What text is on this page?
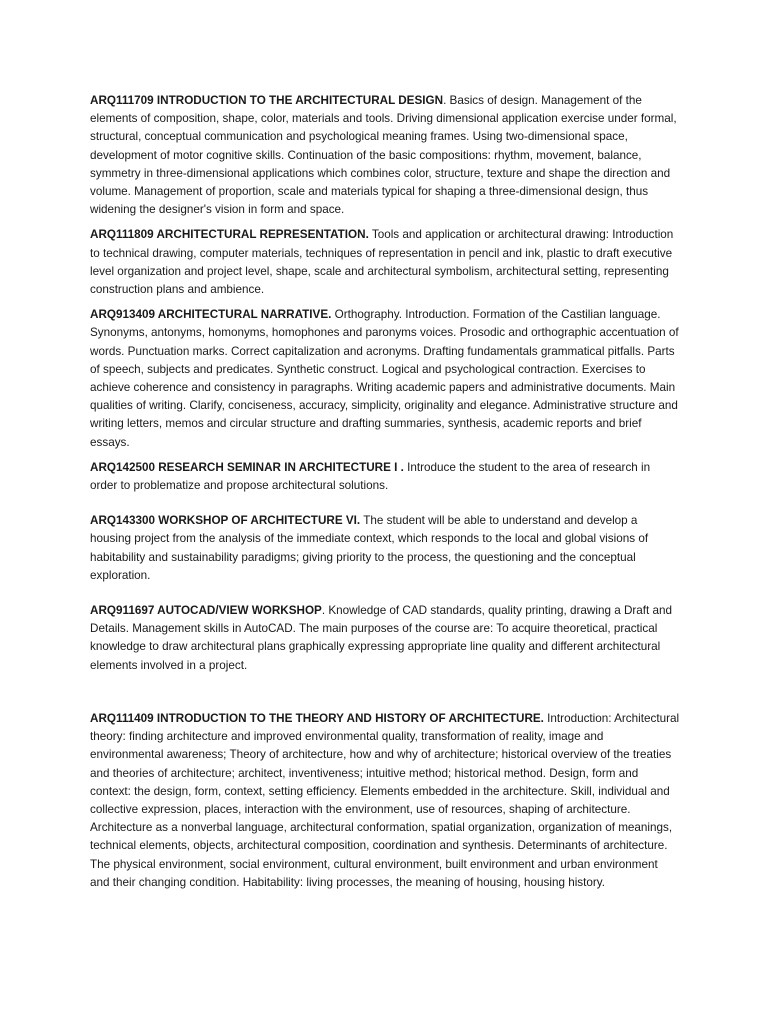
ARQ111709 INTRODUCTION TO THE ARCHITECTURAL DESIGN. Basics of design. Management of the elements of composition, shape, color, materials and tools. Driving dimensional application exercise under formal, structural, conceptual communication and psychological meaning frames. Using two-dimensional space, development of motor cognitive skills. Continuation of the basic compositions: rhythm, movement, balance, symmetry in three-dimensional applications which combines color, structure, texture and shape the direction and volume. Management of proportion, scale and materials typical for shaping a three-dimensional design, thus widening the designer's vision in form and space.

ARQ111809 ARCHITECTURAL REPRESENTATION. Tools and application or architectural drawing: Introduction to technical drawing, computer materials, techniques of representation in pencil and ink, plastic to draft executive level organization and project level, shape, scale and architectural symbolism, architectural setting, representing construction plans and ambience.

ARQ913409 ARCHITECTURAL NARRATIVE. Orthography. Introduction. Formation of the Castilian language. Synonyms, antonyms, homonyms, homophones and paronyms voices. Prosodic and orthographic accentuation of words. Punctuation marks. Correct capitalization and acronyms. Drafting fundamentals grammatical pitfalls. Parts of speech, subjects and predicates. Synthetic construct. Logical and psychological contraction. Exercises to achieve coherence and consistency in paragraphs. Writing academic papers and administrative documents. Main qualities of writing. Clarify, conciseness, accuracy, simplicity, originality and elegance. Administrative structure and writing letters, memos and circular structure and drafting summaries, synthesis, academic reports and brief essays.

ARQ142500 RESEARCH SEMINAR IN ARCHITECTURE I . Introduce the student to the area of research in order to problematize and propose architectural solutions.

ARQ143300 WORKSHOP OF ARCHITECTURE VI. The student will be able to understand and develop a housing project from the analysis of the immediate context, which responds to the local and global visions of habitability and sustainability paradigms; giving priority to the process, the questioning and the conceptual exploration.

ARQ911697 AUTOCAD/VIEW WORKSHOP. Knowledge of CAD standards, quality printing, drawing a Draft and Details. Management skills in AutoCAD. The main purposes of the course are: To acquire theoretical, practical knowledge to draw architectural plans graphically expressing appropriate line quality and different architectural elements involved in a project.

ARQ111409 INTRODUCTION TO THE THEORY AND HISTORY OF ARCHITECTURE. Introduction: Architectural theory: finding architecture and improved environmental quality, transformation of reality, image and environmental awareness; Theory of architecture, how and why of architecture; historical overview of the treaties and theories of architecture; architect, inventiveness; intuitive method; historical method. Design, form and context: the design, form, context, setting efficiency. Elements embedded in the architecture. Skill, individual and collective expression, places, interaction with the environment, use of resources, shaping of architecture. Architecture as a nonverbal language, architectural conformation, spatial organization, organization of meanings, technical elements, objects, architectural composition, coordination and synthesis. Determinants of architecture. The physical environment, social environment, cultural environment, built environment and urban environment and their changing condition. Habitability: living processes, the meaning of housing, housing history.
